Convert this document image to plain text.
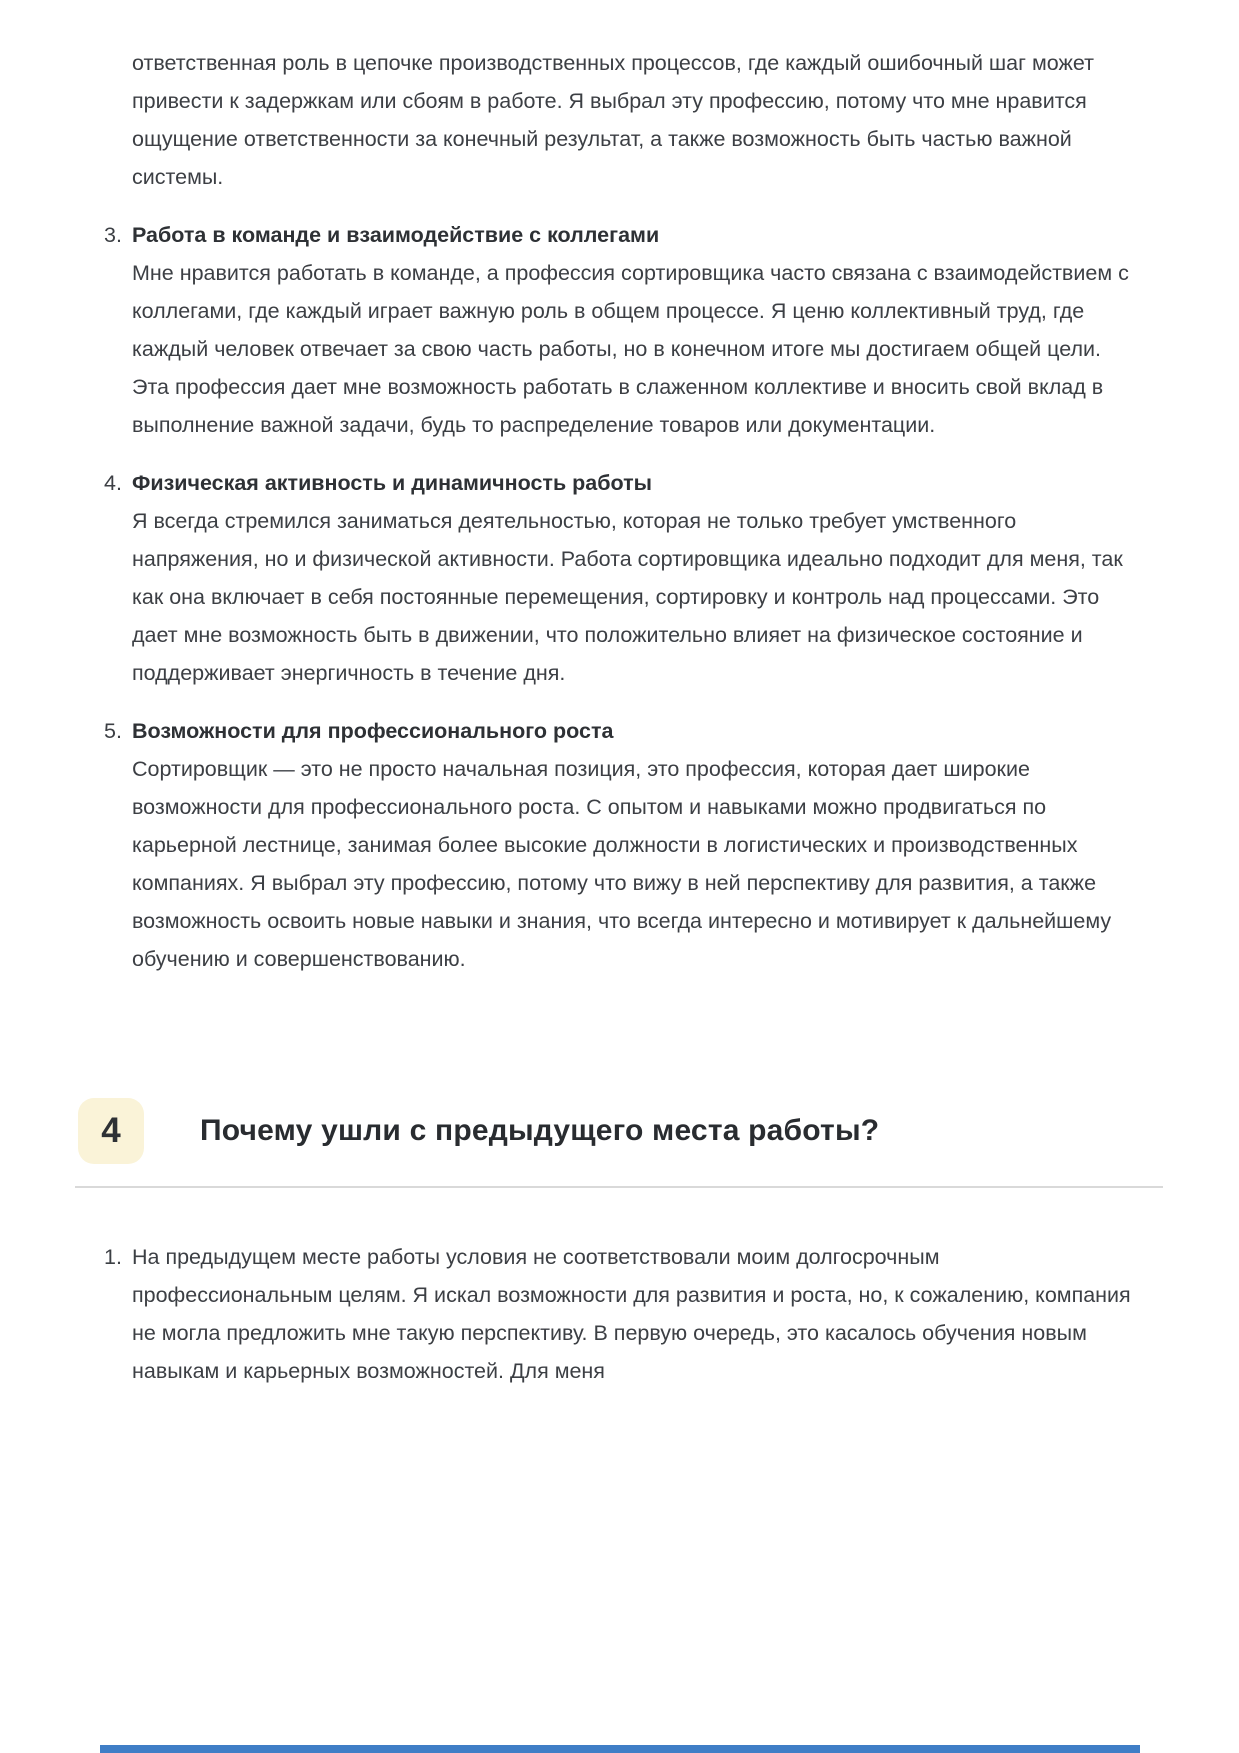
ответственная роль в цепочке производственных процессов, где каждый ошибочный шаг может привести к задержкам или сбоям в работе. Я выбрал эту профессию, потому что мне нравится ощущение ответственности за конечный результат, а также возможность быть частью важной системы.

3. Работа в команде и взаимодействие с коллегами
Мне нравится работать в команде, а профессия сортировщика часто связана с взаимодействием с коллегами, где каждый играет важную роль в общем процессе. Я ценю коллективный труд, где каждый человек отвечает за свою часть работы, но в конечном итоге мы достигаем общей цели. Эта профессия дает мне возможность работать в слаженном коллективе и вносить свой вклад в выполнение важной задачи, будь то распределение товаров или документации.
4. Физическая активность и динамичность работы
Я всегда стремился заниматься деятельностью, которая не только требует умственного напряжения, но и физической активности. Работа сортировщика идеально подходит для меня, так как она включает в себя постоянные перемещения, сортировку и контроль над процессами. Это дает мне возможность быть в движении, что положительно влияет на физическое состояние и поддерживает энергичность в течение дня.
5. Возможности для профессионального роста
Сортировщик — это не просто начальная позиция, это профессия, которая дает широкие возможности для профессионального роста. С опытом и навыками можно продвигаться по карьерной лестнице, занимая более высокие должности в логистических и производственных компаниях. Я выбрал эту профессию, потому что вижу в ней перспективу для развития, а также возможность освоить новые навыки и знания, что всегда интересно и мотивирует к дальнейшему обучению и совершенствованию.
4	Почему ушли с предыдущего места работы?
1. На предыдущем месте работы условия не соответствовали моим долгосрочным профессиональным целям. Я искал возможности для развития и роста, но, к сожалению, компания не могла предложить мне такую перспективу. В первую очередь, это касалось обучения новым навыкам и карьерных возможностей. Для меня
